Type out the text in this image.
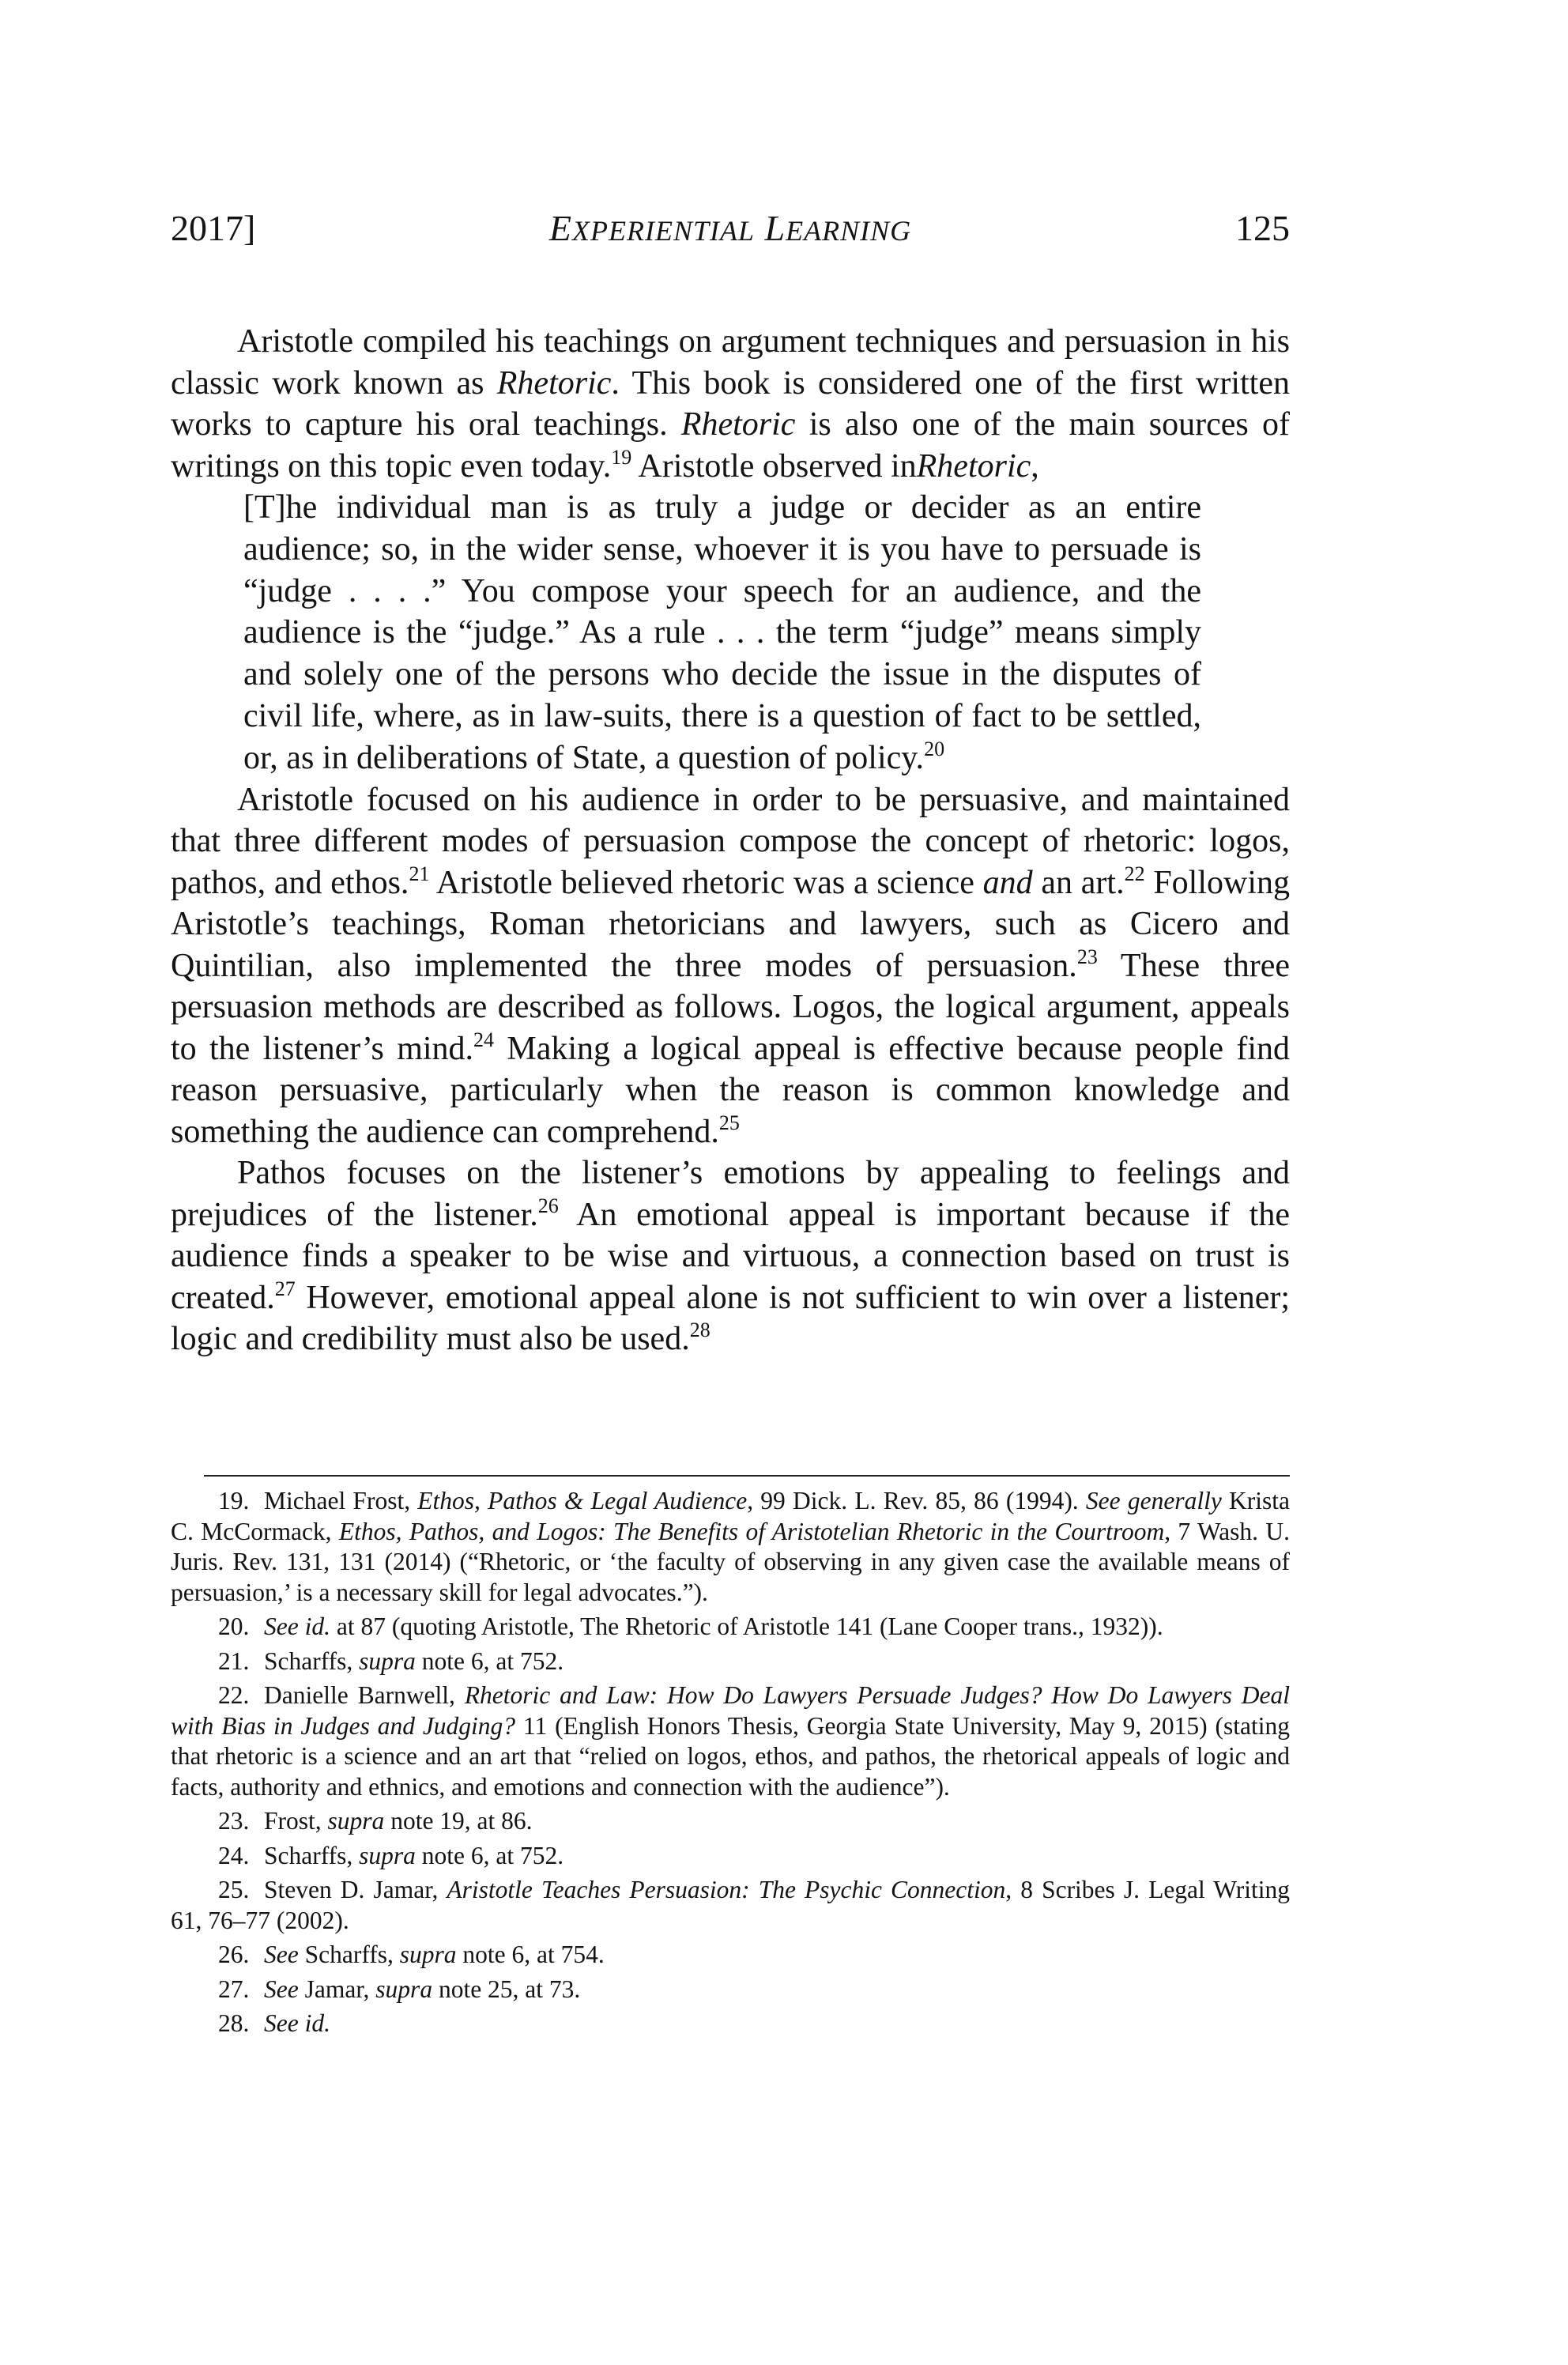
2017]	EXPERIENTIAL LEARNING	125

Aristotle compiled his teachings on argument techniques and persuasion in his classic work known as Rhetoric. This book is considered one of the first written works to capture his oral teachings. Rhetoric is also one of the main sources of writings on this topic even today.$^{19}$ Aristotle observed inRhetoric,

[T]he individual man is as truly a judge or decider as an entire audience; so, in the wider sense, whoever it is you have to persuade is “judge . . . .” You compose your speech for an audience, and the audience is the “judge.” As a rule . . . the term “judge” means simply and solely one of the persons who decide the issue in the disputes of civil life, where, as in law-suits, there is a question of fact to be settled, or, as in deliberations of State, a question of policy.$^{20}$

Aristotle focused on his audience in order to be persuasive, and maintained that three different modes of persuasion compose the concept of rhetoric: logos, pathos, and ethos.$^{21}$ Aristotle believed rhetoric was a science and an art.$^{22}$ Following Aristotle’s teachings, Roman rhetoricians and lawyers, such as Cicero and Quintilian, also implemented the three modes of persuasion.$^{23}$ These three persuasion methods are described as follows. Logos, the logical argument, appeals to the listener’s mind.$^{24}$ Making a logical appeal is effective because people find reason persuasive, particularly when the reason is common knowledge and something the audience can comprehend.$^{25}$

Pathos focuses on the listener’s emotions by appealing to feelings and prejudices of the listener.$^{26}$ An emotional appeal is important because if the audience finds a speaker to be wise and virtuous, a connection based on trust is created.$^{27}$ However, emotional appeal alone is not sufficient to win over a listener; logic and credibility must also be used.$^{28}$

19. Michael Frost, Ethos, Pathos & Legal Audience, 99 Dick. L. Rev. 85, 86 (1994). See generally Krista C. McCormack, Ethos, Pathos, and Logos: The Benefits of Aristotelian Rhetoric in the Courtroom, 7 Wash. U. Juris. Rev. 131, 131 (2014) (“Rhetoric, or ‘the faculty of observing in any given case the available means of persuasion,’ is a necessary skill for legal advocates.”).

20. See id. at 87 (quoting Aristotle, The Rhetoric of Aristotle 141 (Lane Cooper trans., 1932)).

21. Scharffs, supra note 6, at 752.

22. Danielle Barnwell, Rhetoric and Law: How Do Lawyers Persuade Judges? How Do Lawyers Deal with Bias in Judges and Judging? 11 (English Honors Thesis, Georgia State University, May 9, 2015) (stating that rhetoric is a science and an art that “relied on logos, ethos, and pathos, the rhetorical appeals of logic and facts, authority and ethnics, and emotions and connection with the audience”).

23. Frost, supra note 19, at 86.

24. Scharffs, supra note 6, at 752.

25. Steven D. Jamar, Aristotle Teaches Persuasion: The Psychic Connection, 8 Scribes J. Legal Writing 61, 76–77 (2002).

26. See Scharffs, supra note 6, at 754.

27. See Jamar, supra note 25, at 73.

28. See id.
